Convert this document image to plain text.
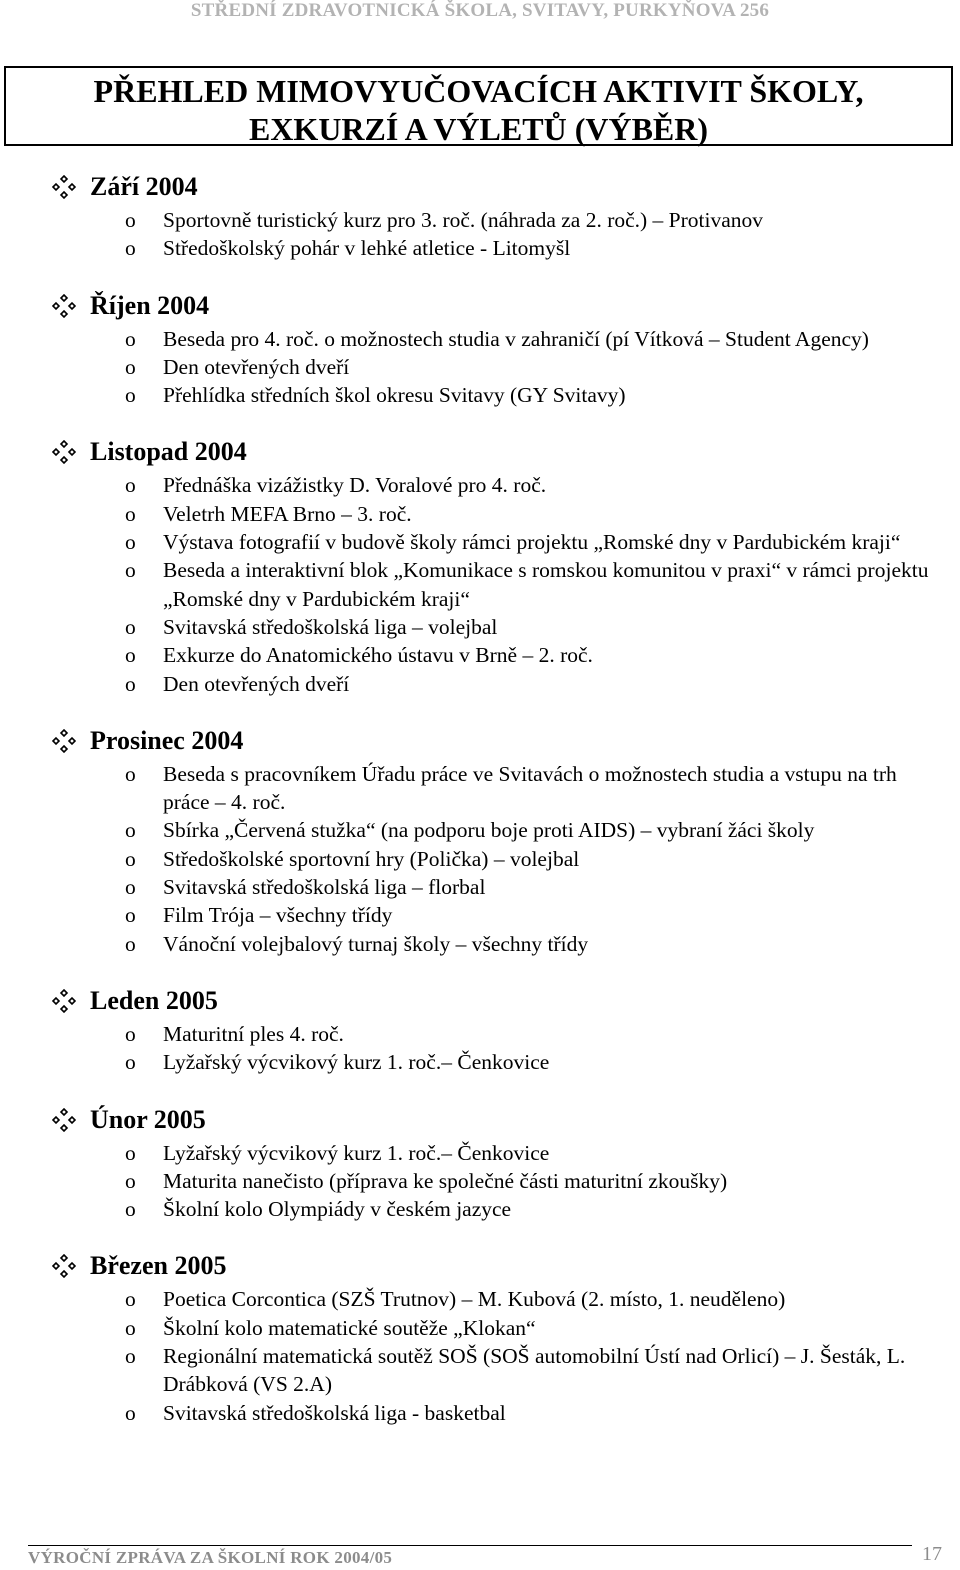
STŘEDNÍ ZDRAVOTNICKÁ ŠKOLA, SVITAVY, PURKYŇOVA 256
PŘEHLED MIMOVYUČOVACÍCH AKTIVIT ŠKOLY,
EXKURZÍ A VÝLETŮ (VÝBĚR)
Září 2004
o	Sportovně turistický kurz pro 3. roč. (náhrada za 2. roč.) – Protivanov
o	Středoškolský pohár v lehké atletice - Litomyšl
Říjen 2004
o	Beseda pro 4. roč. o možnostech studia v zahraničí (pí Vítková – Student Agency)
o	Den otevřených dveří
o	Přehlídka středních škol okresu Svitavy (GY Svitavy)
Listopad 2004
o	Přednáška vizážistky D. Voralové pro 4. roč.
o	Veletrh MEFA Brno – 3. roč.
o	Výstava fotografií v budově školy rámci projektu „Romské dny v Pardubickém kraji“
o	Beseda a interaktivní blok „Komunikace s romskou komunitou v praxi“ v rámci projektu „Romské dny v Pardubickém kraji“
o	Svitavská středoškolská liga – volejbal
o	Exkurze do Anatomického ústavu v Brně – 2. roč.
o	Den otevřených dveří
Prosinec 2004
o	Beseda s pracovníkem Úřadu práce ve Svitavách o možnostech studia a vstupu na trh práce – 4. roč.
o	Sbírka „Červená stužka“ (na podporu boje proti AIDS) – vybraní žáci školy
o	Středoškolské sportovní hry (Polička) – volejbal
o	Svitavská středoškolská liga – florbal
o	Film Trója – všechny třídy
o	Vánoční volejbalový turnaj školy – všechny třídy
Leden 2005
o	Maturitní ples 4. roč.
o	Lyžařský výcvikový kurz 1. roč.– Čenkovice
Únor 2005
o	Lyžařský výcvikový kurz 1. roč.– Čenkovice
o	Maturita nanečisto (příprava ke společné části maturitní zkoušky)
o	Školní kolo Olympiády v českém jazyce
Březen 2005
o	Poetica Corcontica (SZŠ Trutnov) – M. Kubová (2. místo, 1. neuděleno)
o	Školní kolo matematické soutěže „Klokan“
o	Regionální matematická soutěž SOŠ (SOŠ automobilní Ústí nad Orlicí) – J. Šesták, L. Drábková (VS 2.A)
o	Svitavská středoškolská liga - basketbal
VÝROČNÍ ZPRÁVA ZA ŠKOLNÍ ROK 2004/05	17
